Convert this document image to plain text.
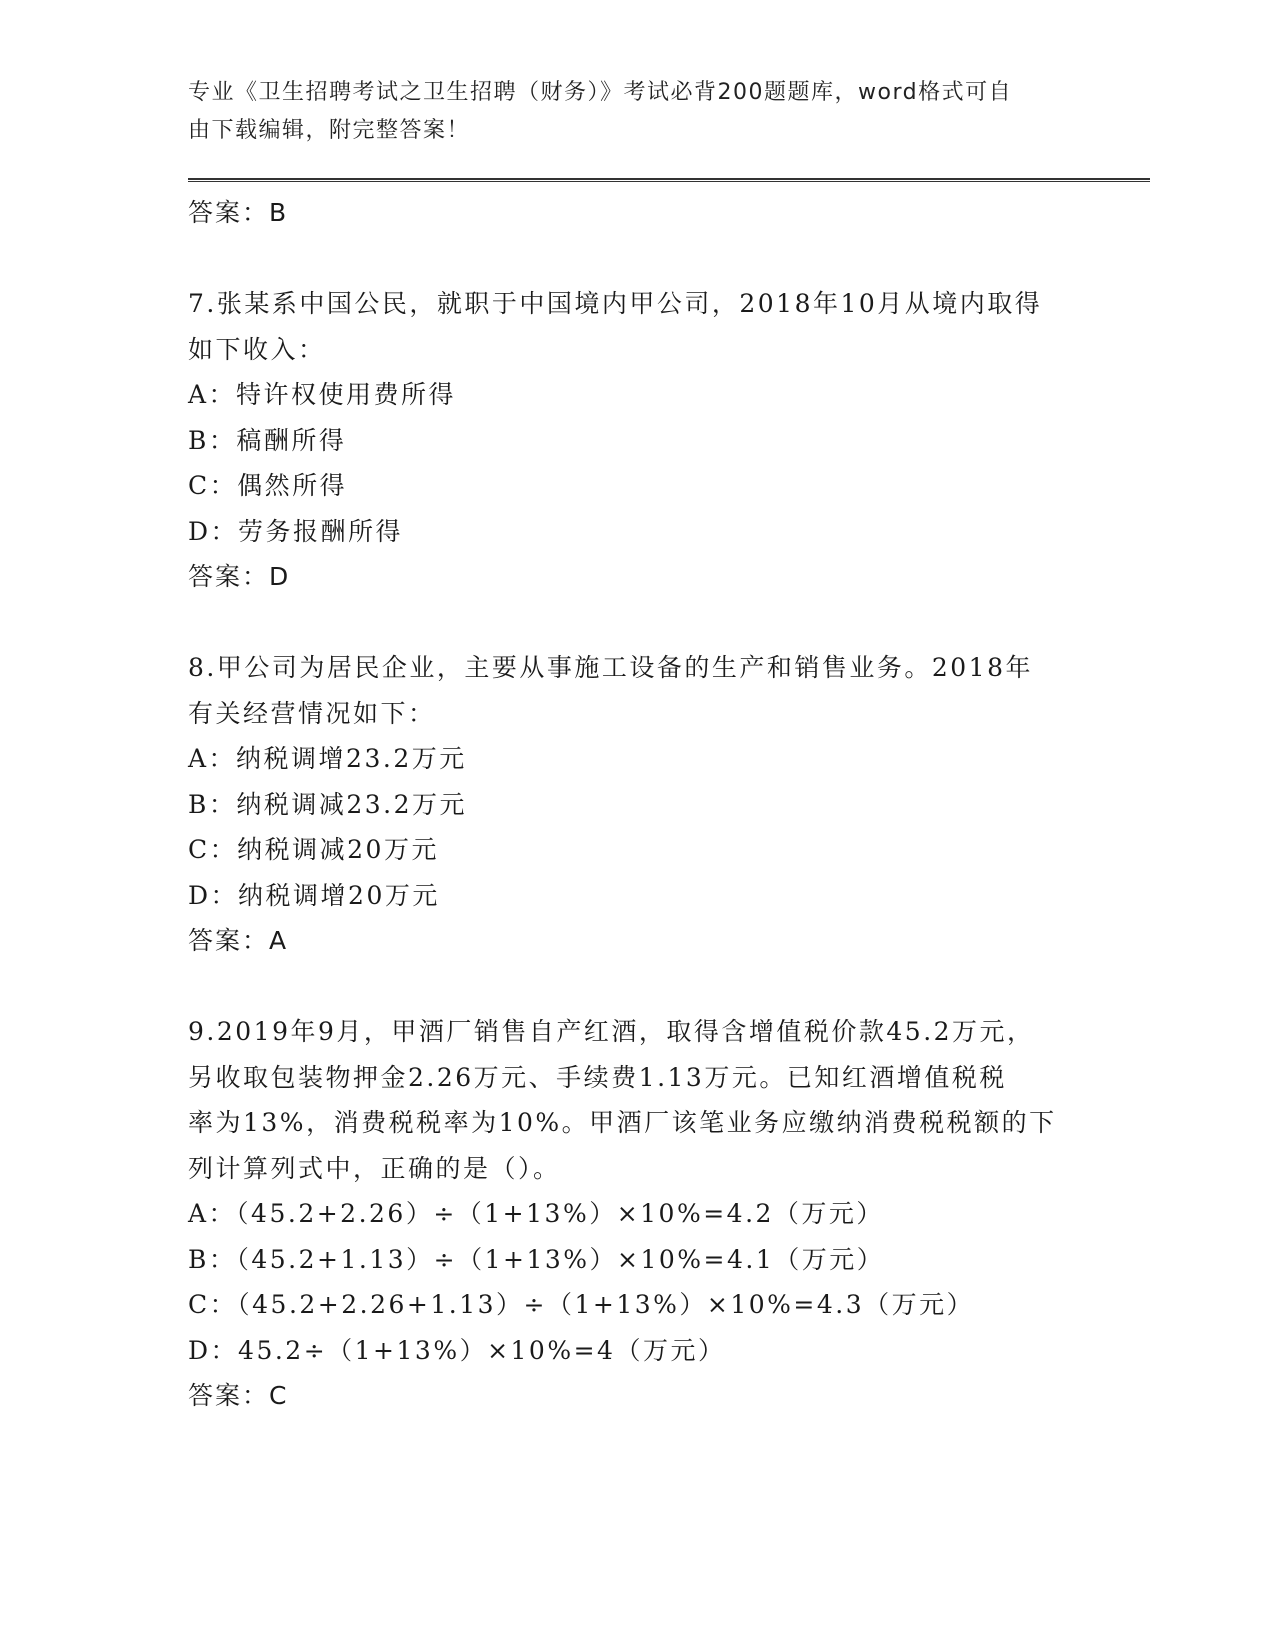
专业《卫生招聘考试之卫生招聘（财务）》考试必背200题题库，word格式可自
由下载编辑，附完整答案！
答案：B
7.张某系中国公民，就职于中国境内甲公司，2018年10月从境内取得
如下收入：
A：特许权使用费所得
B：稿酬所得
C：偶然所得
D：劳务报酬所得
答案：D
8.甲公司为居民企业，主要从事施工设备的生产和销售业务。2018年
有关经营情况如下：
A：纳税调增23.2万元
B：纳税调减23.2万元
C：纳税调减20万元
D：纳税调增20万元
答案：A
9.2019年9月，甲酒厂销售自产红酒，取得含增值税价款45.2万元，
另收取包装物押金2.26万元、手续费1.13万元。已知红酒增值税税
率为13%，消费税税率为10%。甲酒厂该笔业务应缴纳消费税税额的下
列计算列式中，正确的是（）。
A：（45.2+2.26）÷（1+13%）×10%=4.2（万元）
B：（45.2+1.13）÷（1+13%）×10%=4.1（万元）
C：（45.2+2.26+1.13）÷（1+13%）×10%=4.3（万元）
D：45.2÷（1+13%）×10%=4（万元）
答案：C
